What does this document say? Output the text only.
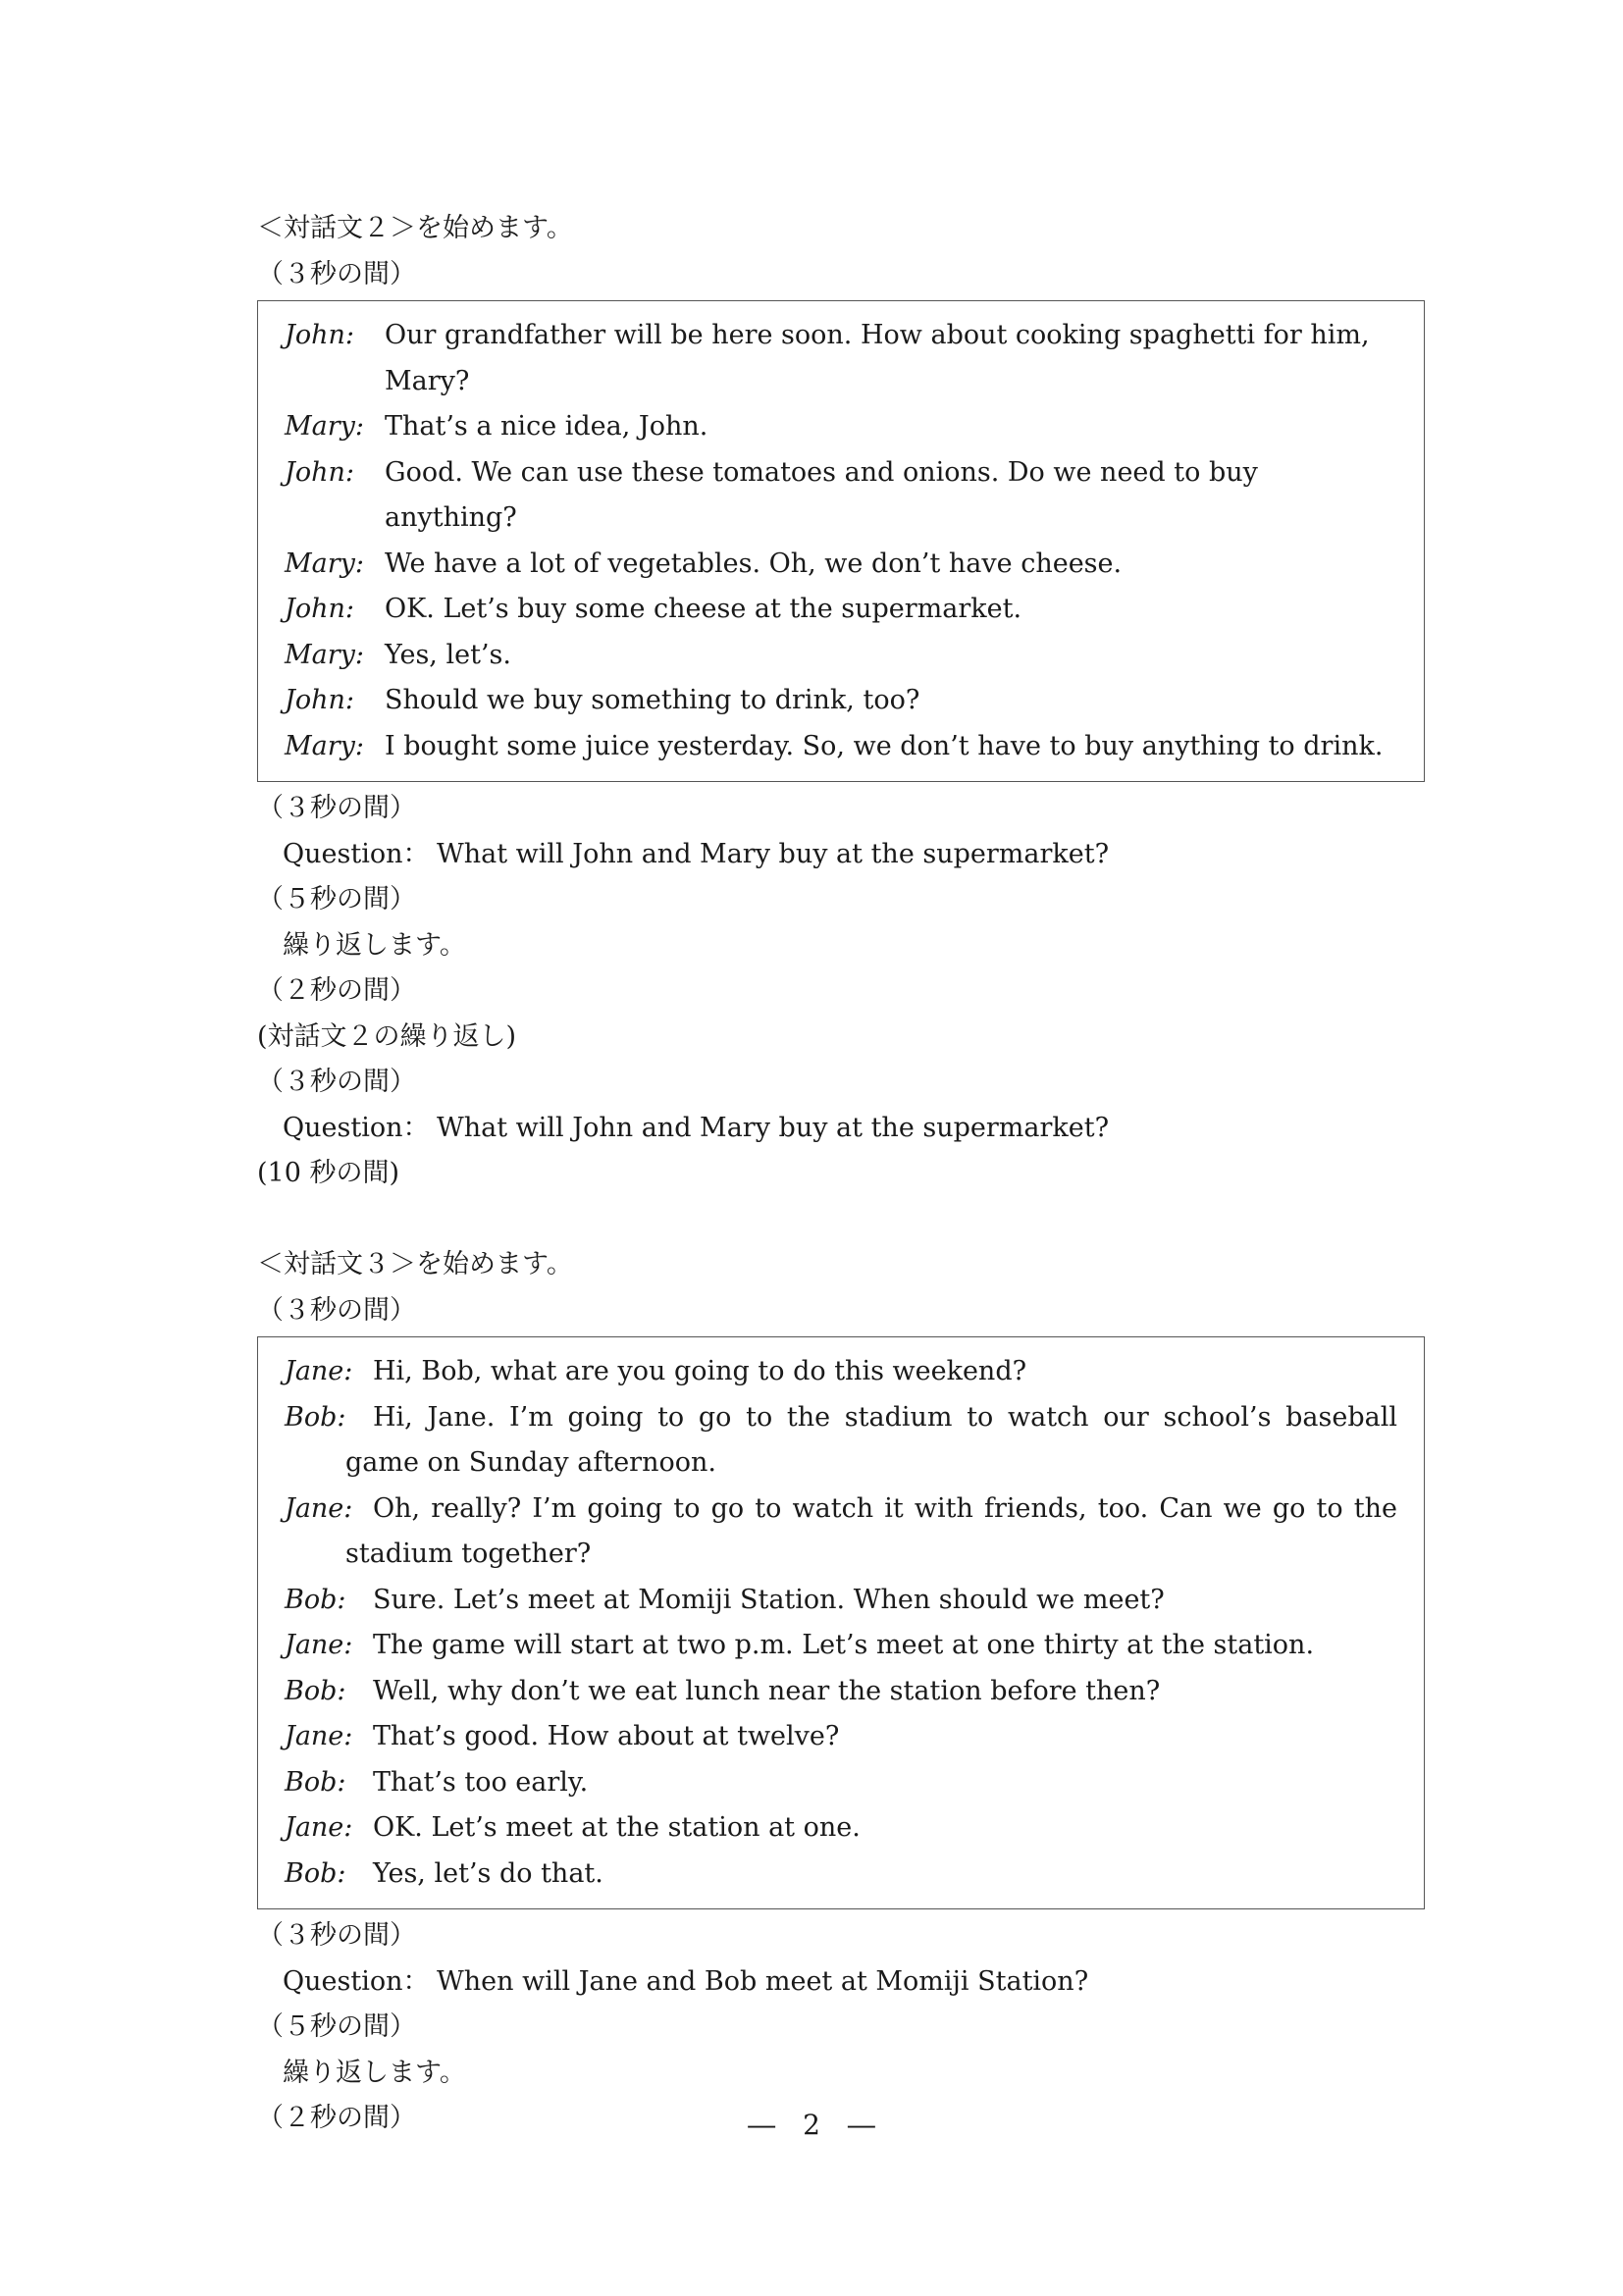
＜対話文２＞を始めます。
（３秒の間）
John:	Our grandfather will be here soon. How about cooking spaghetti for him, Mary?
Mary: That’s a nice idea, John.
John:	Good. We can use these tomatoes and onions. Do we need to buy anything?
Mary: We have a lot of vegetables. Oh, we don’t have cheese.
John:	OK. Let’s buy some cheese at the supermarket.
Mary: Yes, let’s.
John:	Should we buy something to drink, too?
Mary: I bought some juice yesterday. So, we don’t have to buy anything to drink.
（３秒の間）
Question： What will John and Mary buy at the supermarket?
（５秒の間）
繰り返します。
（２秒の間）
(対話文２の繰り返し)
（３秒の間）
Question： What will John and Mary buy at the supermarket?
(10 秒の間)
＜対話文３＞を始めます。
（３秒の間）
Jane: Hi, Bob, what are you going to do this weekend?
Bob: Hi, Jane. I’m going to go to the stadium to watch our school’s baseball game on Sunday afternoon.
Jane: Oh, really? I’m going to go to watch it with friends, too. Can we go to the stadium together?
Bob: Sure. Let’s meet at Momiji Station. When should we meet?
Jane: The game will start at two p.m. Let’s meet at one thirty at the station.
Bob: Well, why don’t we eat lunch near the station before then?
Jane: That’s good. How about at twelve?
Bob: That’s too early.
Jane: OK. Let’s meet at the station at one.
Bob: Yes, let’s do that.
（３秒の間）
Question： When will Jane and Bob meet at Momiji Station?
（５秒の間）
繰り返します。
（２秒の間）	―　2　―
